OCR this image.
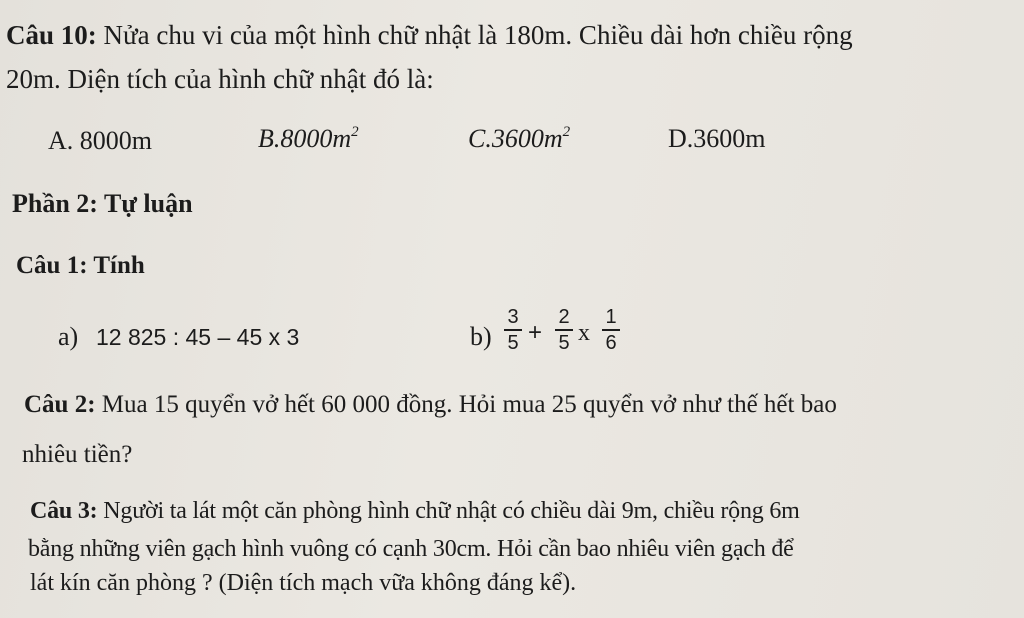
Câu 10: Nửa chu vi của một hình chữ nhật là 180m. Chiều dài hơn chiều rộng
20m. Diện tích của hình chữ nhật đó là:
A. 8000m	$B.8000m^2$	$C.3600m^2$	D.3600m
Phần 2: Tự luận
Câu 1: Tính
a) 12 825 : 45 – 45 x 3	b)
3
5 +
2
5 x
1
6
Câu 2: Mua 15 quyển vở hết 60 000 đồng. Hỏi mua 25 quyển vở như thế hết bao
nhiêu tiền?
Câu 3: Người ta lát một căn phòng hình chữ nhật có chiều dài 9m, chiều rộng 6m
bằng những viên gạch hình vuông có cạnh 30cm. Hỏi cần bao nhiêu viên gạch để
lát kín căn phòng ? (Diện tích mạch vữa không đáng kể).
